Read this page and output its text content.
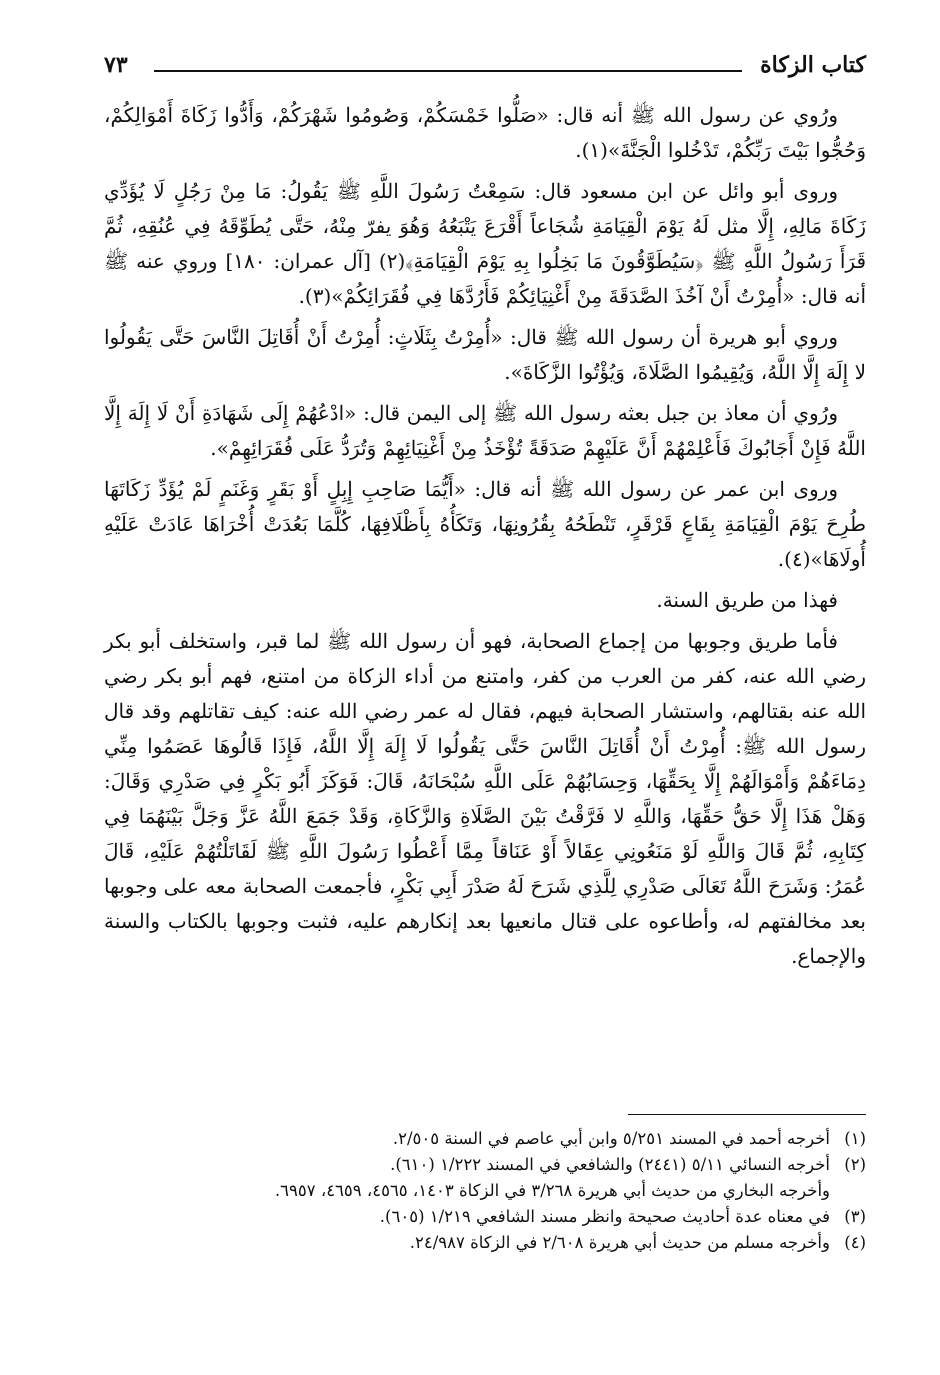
كتاب الزكاة
٧٣

ورُوي عن رسول الله ﷺ أنه قال: «صَلُّوا خَمْسَكُمْ، وَصُومُوا شَهْرَكُمْ، وَأَدُّوا زَكَاةَ أَمْوَالِكُمْ، وَحُجُّوا بَيْتَ رَبِّكُمْ، تَدْخُلوا الْجَنَّةَ»(١).

وروى أبو وائل عن ابن مسعود قال: سَمِعْتُ رَسُولَ اللَّهِ ﷺ يَقُولُ: مَا مِنْ رَجُلٍ لَا يُؤَدِّي زَكَاةَ مَالِهِ، إِلَّا مثل لَهُ يَوْمَ الْقِيَامَةِ شُجَاعاً أَقْرَعَ يَتْبَعُهُ وَهُوَ يفرّ مِنْهُ، حَتَّى يُطَوِّقَهُ فِي عُنُقِهِ، ثُمَّ قَرَأَ رَسُولُ اللَّهِ ﷺ ﴿سَيُطَوَّقُونَ مَا بَخِلُوا بِهِ يَوْمَ الْقِيَامَةِ﴾(٢) [آل عمران: ١٨٠] وروي عنه ﷺ أنه قال: «أُمِرْتُ أَنْ آخُذَ الصَّدَقَةَ مِنْ أَغْنِيَائِكُمْ فَأَرُدَّهَا فِي فُقَرَائِكُمْ»(٣).

وروي أبو هريرة أن رسول الله ﷺ قال: «أُمِرْتُ بِثَلَاثٍ: أُمِرْتُ أَنْ أُقَاتِلَ النَّاسَ حَتَّى يَقُولُوا لا إِلَهَ إِلَّا اللَّهُ، وَيُقِيمُوا الصَّلَاةَ، وَيُؤْتُوا الزَّكَاةَ».

ورُوي أن معاذ بن جبل بعثه رسول الله ﷺ إلى اليمن قال: «ادْعُهُمْ إِلَى شَهَادَةِ أَنْ لَا إِلَهَ إِلَّا اللَّهُ فَإِنْ أَجَابُوكَ فَأَعْلِمْهُمْ أَنَّ عَلَيْهِمْ صَدَقَةً تُؤْخَذُ مِنْ أَغْنِيَائِهِمْ وَتُرَدُّ عَلَى فُقَرَائِهِمْ».

وروى ابن عمر عن رسول الله ﷺ أنه قال: «أَيُّمَا صَاحِبِ إِبِلٍ أَوْ بَقَرٍ وَغَنَمٍ لَمْ يُؤَدِّ زَكَاتَهَا طُرِحَ يَوْمَ الْقِيَامَةِ بِقَاعٍ قَرْقَرٍ، تَنْطَحُهُ بِقُرُونِهَا، وَتَكَأُهُ بِأَظْلَافِهَا، كُلَّمَا بَعُدَتْ أُخْرَاهَا عَادَتْ عَلَيْهِ أُولَاهَا»(٤).

فهذا من طريق السنة.

فأما طريق وجوبها من إجماع الصحابة، فهو أن رسول الله ﷺ لما قبر، واستخلف أبو بكر رضي الله عنه، كفر من العرب من كفر، وامتنع من أداء الزكاة من امتنع، فهم أبو بكر رضي الله عنه بقتالهم، واستشار الصحابة فيهم، فقال له عمر رضي الله عنه: كيف تقاتلهم وقد قال رسول الله ﷺ: أُمِرْتُ أَنْ أُقَاتِلَ النَّاسَ حَتَّى يَقُولُوا لَا إِلَهَ إِلَّا اللَّهُ، فَإِذَا قَالُوهَا عَصَمُوا مِنِّي دِمَاءَهُمْ وَأَمْوَالَهُمْ إِلَّا بِحَقِّهَا، وَحِسَابُهُمْ عَلَى اللَّهِ سُبْحَانَهُ، قَالَ: فَوَكَزَ أَبُو بَكْرٍ فِي صَدْرِي وَقَالَ: وَهَلْ هَذَا إِلَّا حَقُّ حَقِّهَا، وَاللَّهِ لا فَرَّقْتُ بَيْنَ الصَّلَاةِ وَالزَّكَاةِ، وَقَدْ جَمَعَ اللَّهُ عَزَّ وَجَلَّ بَيْنَهُمَا فِي كِتَابِهِ، ثُمَّ قَالَ وَاللَّهِ لَوْ مَنَعُونِي عِقَالاً أَوْ عَنَاقاً مِمَّا أَعْطُوا رَسُولَ اللَّهِ ﷺ لَقَاتَلْتُهُمْ عَلَيْهِ، قَالَ عُمَرُ: وَشَرَحَ اللَّهُ تَعَالَى صَدْرِي لِلَّذِي شَرَحَ لَهُ صَدْرَ أَبِي بَكْرٍ، فأجمعت الصحابة معه على وجوبها بعد مخالفتهم له، وأطاعوه على قتال مانعيها بعد إنكارهم عليه، فثبت وجوبها بالكتاب والسنة والإجماع.

(١)
أخرجه أحمد في المسند ٥/٢٥١ وابن أبي عاصم في السنة ٢/٥٠٥.

(٢)
أخرجه النسائي ٥/١١ (٢٤٤١) والشافعي في المسند ١/٢٢٢ (٦١٠).

وأخرجه البخاري من حديث أبي هريرة ٣/٢٦٨ في الزكاة ١٤٠٣، ٤٥٦٥، ٤٦٥٩، ٦٩٥٧.

(٣)
في معناه عدة أحاديث صحيحة وانظر مسند الشافعي ١/٢١٩ (٦٠٥).

(٤)
وأخرجه مسلم من حديث أبي هريرة ٢/٦٠٨ في الزكاة ٢٤/٩٨٧.
